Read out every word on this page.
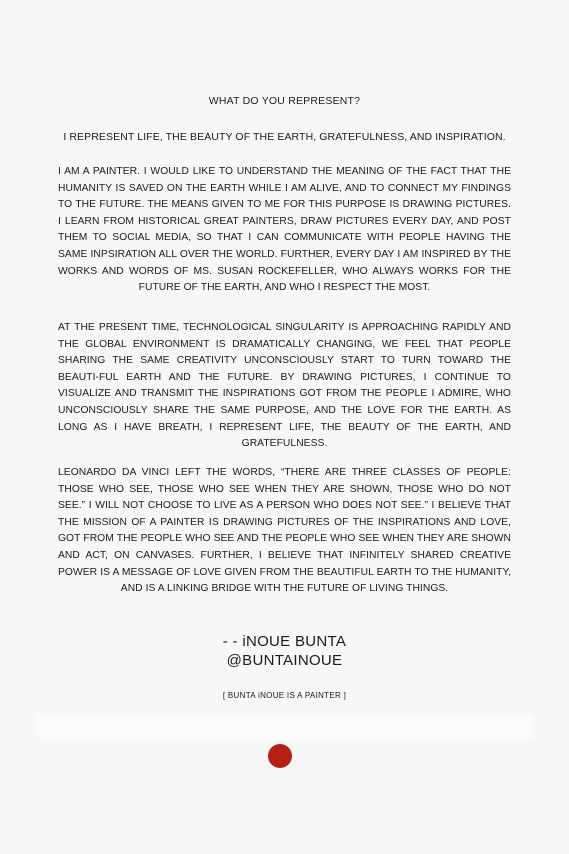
WHAT DO YOU REPRESENT?
I REPRESENT LIFE, THE BEAUTY OF THE EARTH, GRATEFULNESS, AND INSPIRATION.
I AM A PAINTER. I WOULD LIKE TO UNDERSTAND THE MEANING OF THE FACT THAT THE HUMANITY IS SAVED ON THE EARTH WHILE I AM ALIVE, AND TO CONNECT MY FINDINGS TO THE FUTURE. THE MEANS GIVEN TO ME FOR THIS PURPOSE IS DRAWING PICTURES. I LEARN FROM HISTORICAL GREAT PAINTERS, DRAW PICTURES EVERY DAY, AND POST THEM TO SOCIAL MEDIA, SO THAT I CAN COMMUNICATE WITH PEOPLE HAVING THE SAME INPSIRATION ALL OVER THE WORLD. FURTHER, EVERY DAY I AM INSPIRED BY THE WORKS AND WORDS OF MS. SUSAN ROCKEFELLER, WHO ALWAYS WORKS FOR THE FUTURE OF THE EARTH, AND WHO I RESPECT THE MOST.
AT THE PRESENT TIME, TECHNOLOGICAL SINGULARITY IS APPROACHING RAPIDLY AND THE GLOBAL ENVIRONMENT IS DRAMATICALLY CHANGING, WE FEEL THAT PEOPLE SHARING THE SAME CREATIVITY UNCONSCIOUSLY START TO TURN TOWARD THE BEAUTI-FUL EARTH AND THE FUTURE. BY DRAWING PICTURES, I CONTINUE TO VISUALIZE AND TRANSMIT THE INSPIRATIONS GOT FROM THE PEOPLE I ADMIRE, WHO UNCONSCIOUSLY SHARE THE SAME PURPOSE, AND THE LOVE FOR THE EARTH. AS LONG AS I HAVE BREATH, I REPRESENT LIFE, THE BEAUTY OF THE EARTH, AND GRATEFULNESS.
LEONARDO DA VINCI LEFT THE WORDS, “THERE ARE THREE CLASSES OF PEOPLE: THOSE WHO SEE, THOSE WHO SEE WHEN THEY ARE SHOWN, THOSE WHO DO NOT SEE.” I WILL NOT CHOOSE TO LIVE AS A PERSON WHO DOES NOT SEE.” I BELIEVE THAT THE MISSION OF A PAINTER IS DRAWING PICTURES OF THE INSPIRATIONS AND LOVE, GOT FROM THE PEOPLE WHO SEE AND THE PEOPLE WHO SEE WHEN THEY ARE SHOWN AND ACT, ON CANVASES. FURTHER, I BELIEVE THAT INFINITELY SHARED CREATIVE POWER IS A MESSAGE OF LOVE GIVEN FROM THE BEAUTIFUL EARTH TO THE HUMANITY, AND IS A LINKING BRIDGE WITH THE FUTURE OF LIVING THINGS.
- - iNOUE BUNTA
@BUNTAINOUE
[ BUNTA iNOUE IS A PAINTER ]
